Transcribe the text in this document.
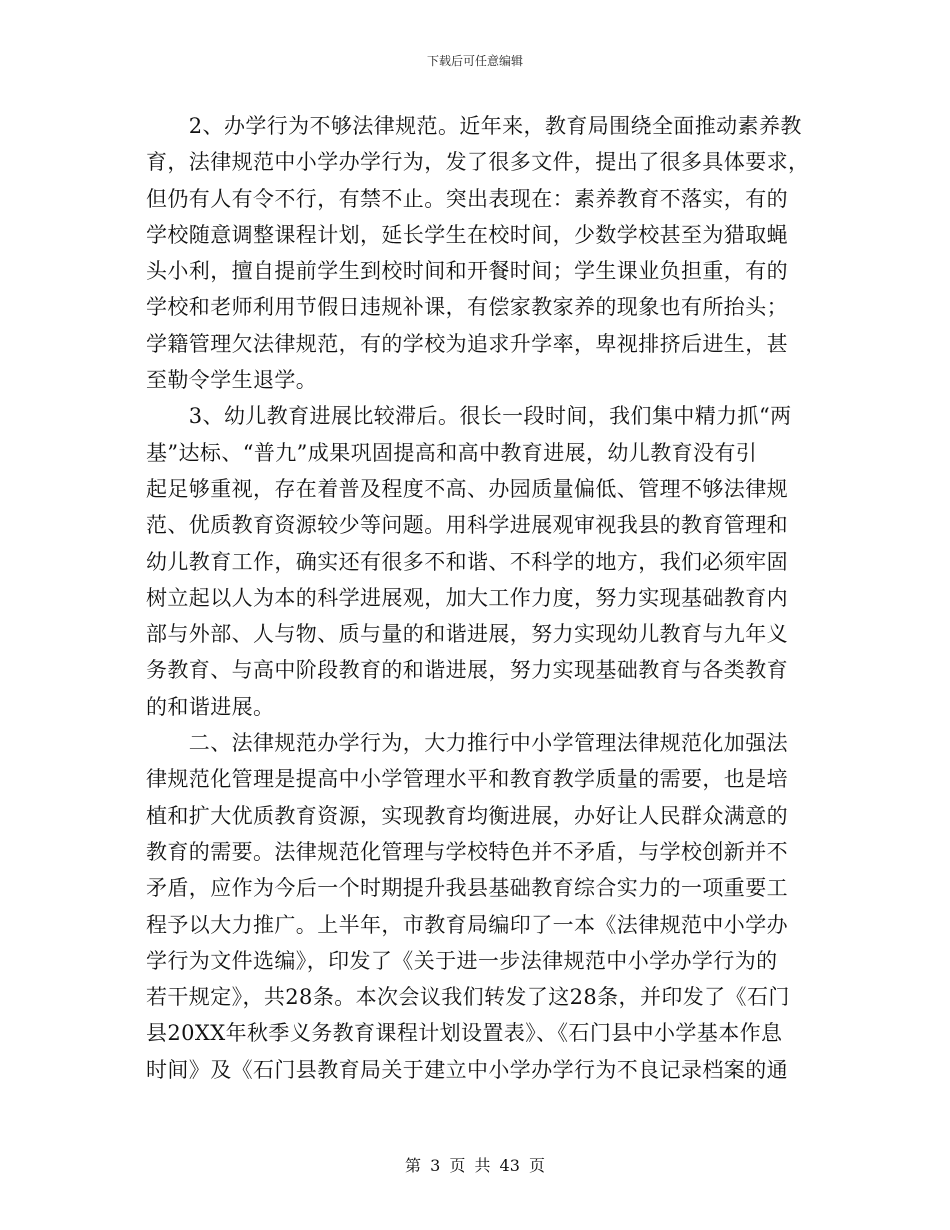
下载后可任意编辑
　　2、办学行为不够法律规范。近年来，教育局围绕全面推动素养教
育，法律规范中小学办学行为，发了很多文件，提出了很多具体要求，
但仍有人有令不行，有禁不止。突出表现在：素养教育不落实，有的
学校随意调整课程计划，延长学生在校时间，少数学校甚至为猎取蝇
头小利，擅自提前学生到校时间和开餐时间；学生课业负担重，有的
学校和老师利用节假日违规补课，有偿家教家养的现象也有所抬头；
学籍管理欠法律规范，有的学校为追求升学率，卑视排挤后进生，甚
至勒令学生退学。
　　3、幼儿教育进展比较滞后。很长一段时间，我们集中精力抓“两
基”达标、“普九”成果巩固提高和高中教育进展，幼儿教育没有引
起足够重视，存在着普及程度不高、办园质量偏低、管理不够法律规
范、优质教育资源较少等问题。用科学进展观审视我县的教育管理和
幼儿教育工作，确实还有很多不和谐、不科学的地方，我们必须牢固
树立起以人为本的科学进展观，加大工作力度，努力实现基础教育内
部与外部、人与物、质与量的和谐进展，努力实现幼儿教育与九年义
务教育、与高中阶段教育的和谐进展，努力实现基础教育与各类教育
的和谐进展。
　　二、法律规范办学行为，大力推行中小学管理法律规范化加强法
律规范化管理是提高中小学管理水平和教育教学质量的需要，也是培
植和扩大优质教育资源，实现教育均衡进展，办好让人民群众满意的
教育的需要。法律规范化管理与学校特色并不矛盾，与学校创新并不
矛盾，应作为今后一个时期提升我县基础教育综合实力的一项重要工
程予以大力推广。上半年，市教育局编印了一本《法律规范中小学办
学行为文件选编》，印发了《关于进一步法律规范中小学办学行为的
若干规定》，共28条。本次会议我们转发了这28条，并印发了《石门
县20XX年秋季义务教育课程计划设置表》、《石门县中小学基本作息
时间》及《石门县教育局关于建立中小学办学行为不良记录档案的通
第 3 页 共 43 页
